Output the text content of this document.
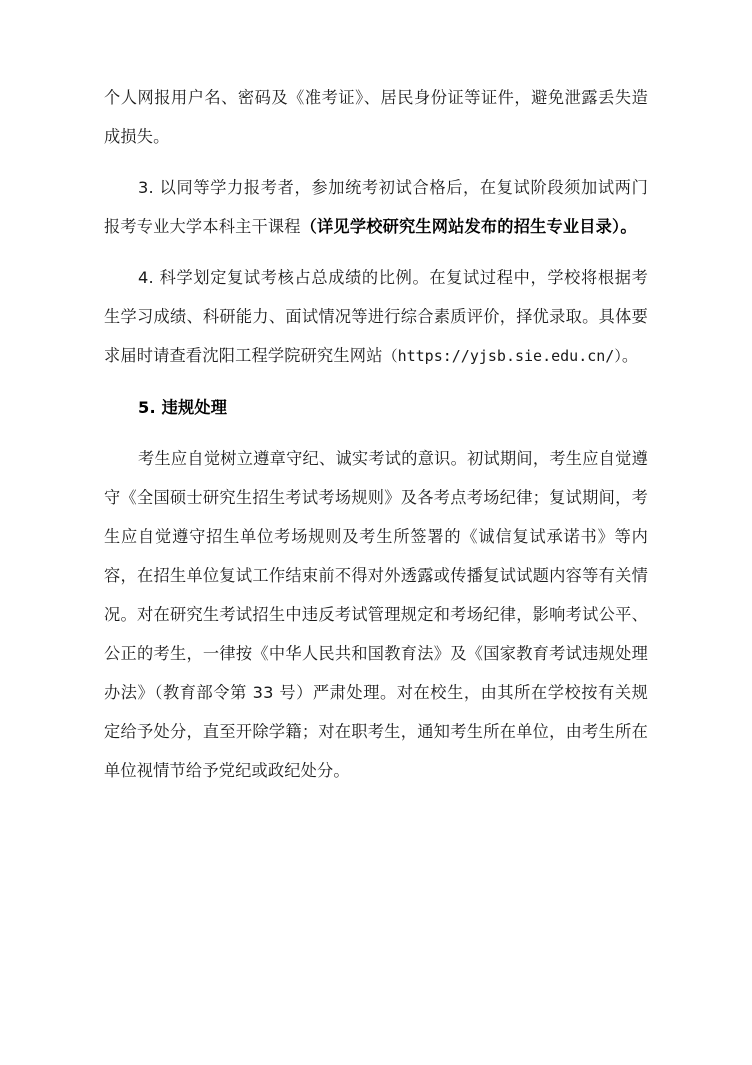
个人网报用户名、密码及《准考证》、居民身份证等证件，避免泄露丢失造成损失。

3. 以同等学力报考者，参加统考初试合格后，在复试阶段须加试两门报考专业大学本科主干课程（详见学校研究生网站发布的招生专业目录）。

4. 科学划定复试考核占总成绩的比例。在复试过程中，学校将根据考生学习成绩、科研能力、面试情况等进行综合素质评价，择优录取。具体要求届时请查看沈阳工程学院研究生网站（https://yjsb.sie.edu.cn/）。

5. 违规处理

考生应自觉树立遵章守纪、诚实考试的意识。初试期间，考生应自觉遵守《全国硕士研究生招生考试考场规则》及各考点考场纪律；复试期间，考生应自觉遵守招生单位考场规则及考生所签署的《诚信复试承诺书》等内容，在招生单位复试工作结束前不得对外透露或传播复试试题内容等有关情况。对在研究生考试招生中违反考试管理规定和考场纪律，影响考试公平、公正的考生，一律按《中华人民共和国教育法》及《国家教育考试违规处理办法》（教育部令第 33 号）严肃处理。对在校生，由其所在学校按有关规定给予处分，直至开除学籍；对在职考生，通知考生所在单位，由考生所在单位视情节给予党纪或政纪处分。
